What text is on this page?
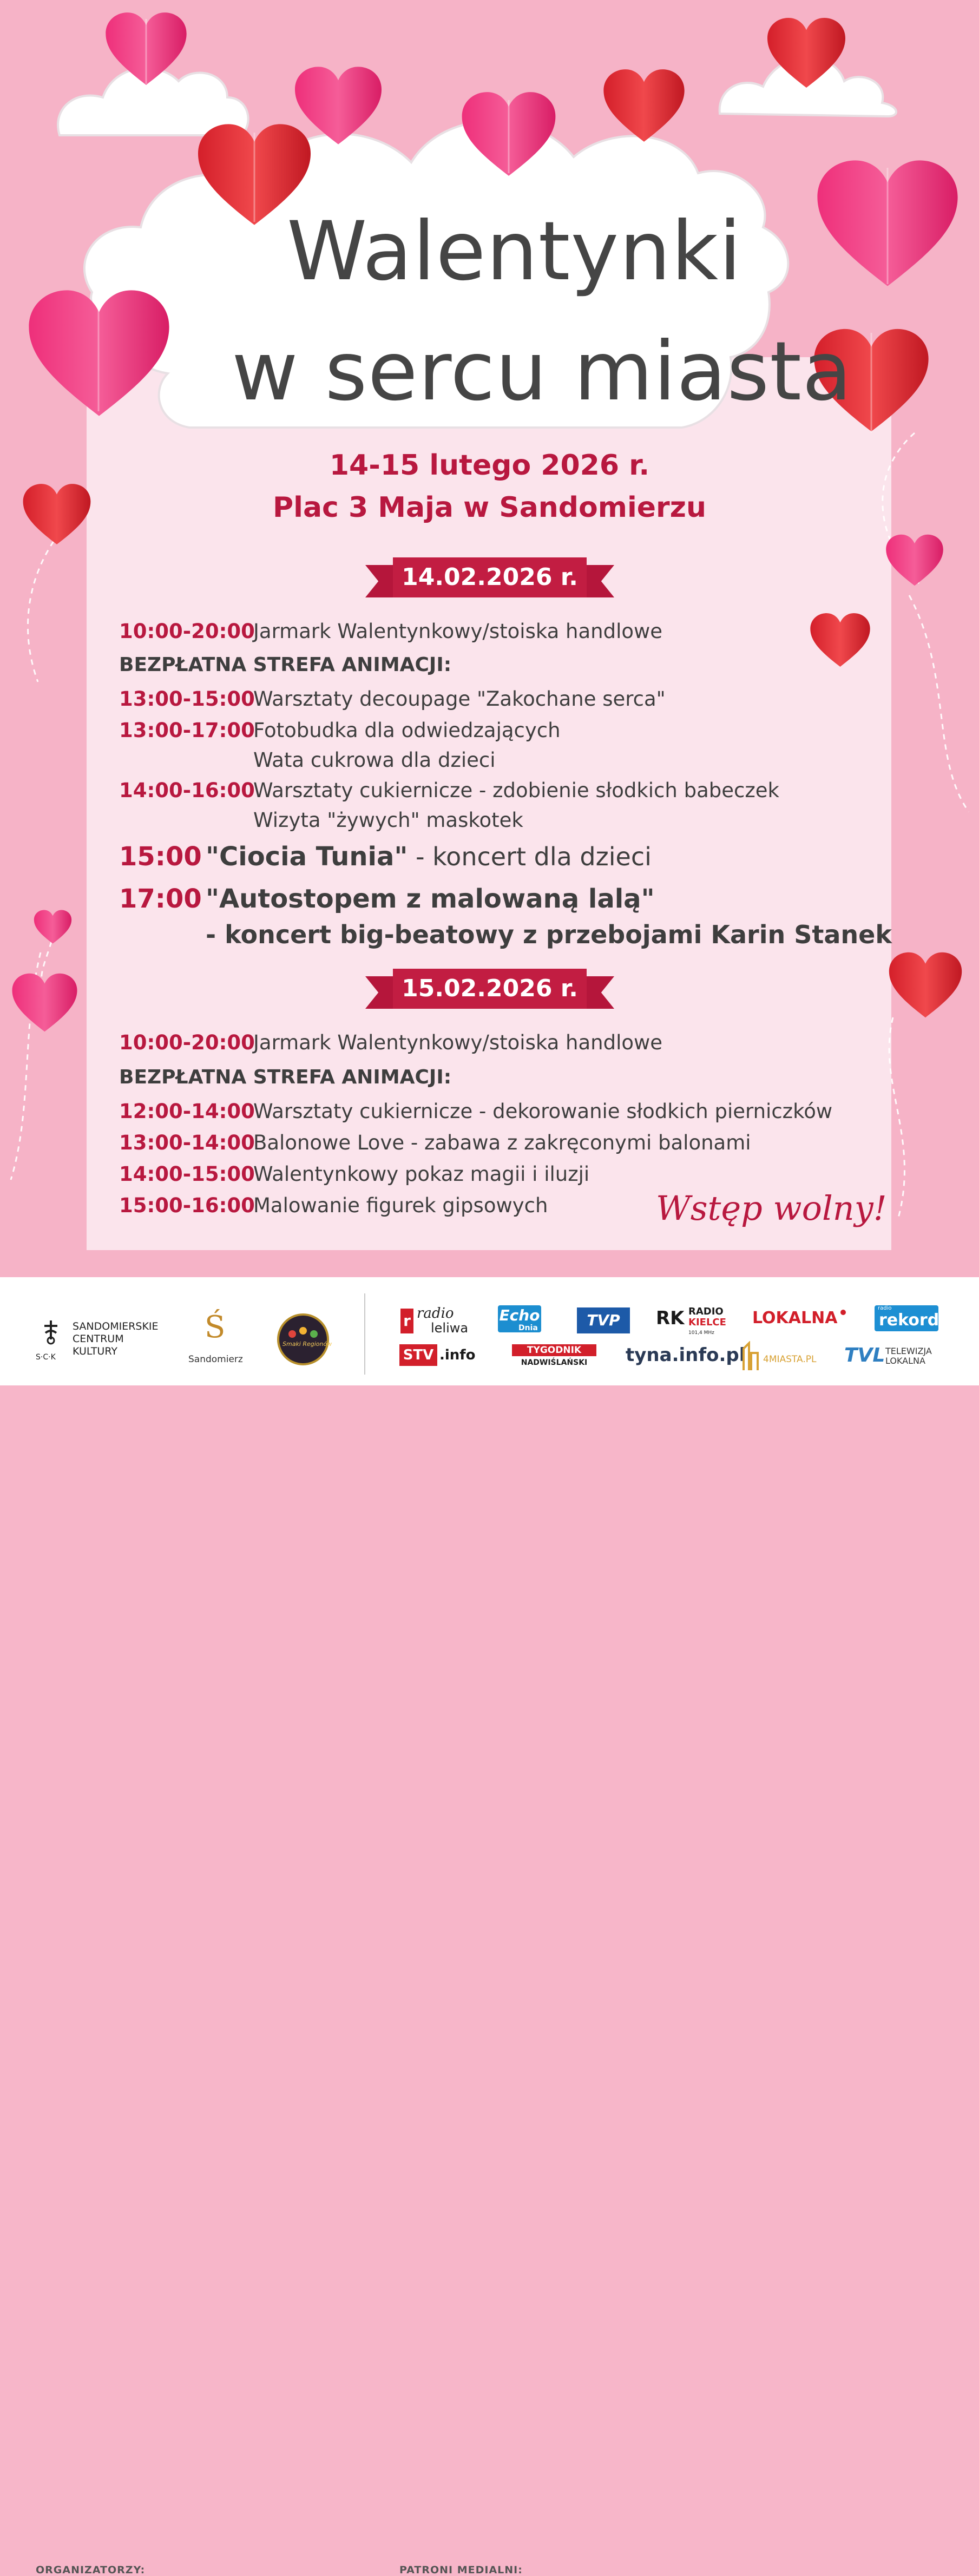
Walentynki
w sercu miasta
14-15 lutego 2026 r.
Plac 3 Maja w Sandomierzu
14.02.2026 r.
10:00-20:00Jarmark Walentynkowy/stoiska handlowe
BEZPŁATNA STREFA ANIMACJI:
13:00-15:00Warsztaty decoupage "Zakochane serca"
13:00-17:00Fotobudka dla odwiedzających
Wata cukrowa dla dzieci
14:00-16:00Warsztaty cukiernicze - zdobienie słodkich babeczek
Wizyta "żywych" maskotek
15:00 "Ciocia Tunia" - koncert dla dzieci
17:00 "Autostopem z malowaną lalą"
- koncert big-beatowy z przebojami Karin Stanek
15.02.2026 r.
10:00-20:00Jarmark Walentynkowy/stoiska handlowe
BEZPŁATNA STREFA ANIMACJI:
12:00-14:00Warsztaty cukiernicze - dekorowanie słodkich pierniczków
13:00-14:00Balonowe Love - zabawa z zakręconymi balonami
14:00-15:00Walentynkowy pokaz magii i iluzji
15:00-16:00Malowanie figurek gipsowych	Wstęp wolny!
ORGANIZATORZY:	PATRONI MEDIALNI:
S·C·K
SANDOMIERSKIE
CENTRUM
KULTURY
Ś
Sandomierz
Smaki Regionów
r radio
leliwa
Echo
Dnia	TVP	RK RADIO
KIELCE
101,4 MHz
LOKALNA
radio
rekord
STV .info	TYGODNIK
NADWIŚLAŃSKI	tyna.info.pl 4MIASTA.PL TVL TELEWIZJA
LOKALNA
